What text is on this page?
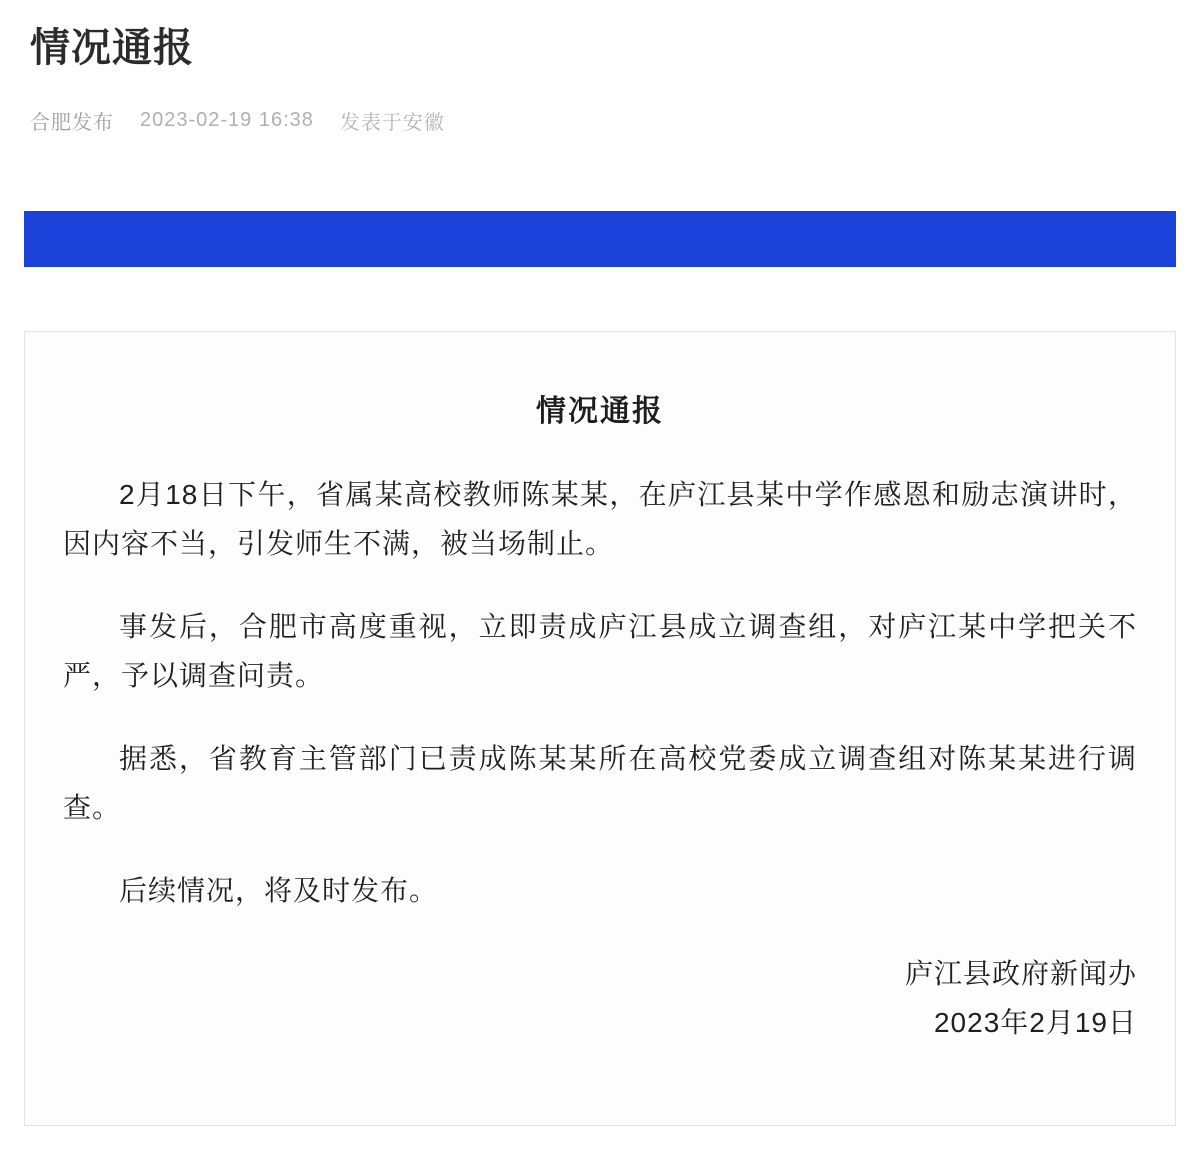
情况通报
合肥发布 2023-02-19 16:38 发表于安徽
情况通报

2月18日下午，省属某高校教师陈某某，在庐江县某中学作感恩和励志演讲时，因内容不当，引发师生不满，被当场制止。

事发后，合肥市高度重视，立即责成庐江县成立调查组，对庐江某中学把关不严，予以调查问责。

据悉，省教育主管部门已责成陈某某所在高校党委成立调查组对陈某某进行调查。

后续情况，将及时发布。

庐江县政府新闻办
2023年2月19日
